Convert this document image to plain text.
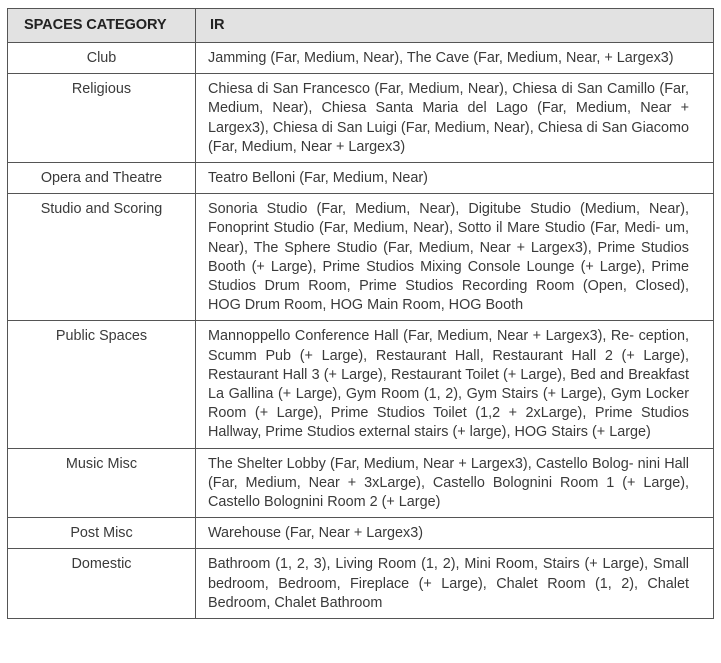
SPACES CATEGORY	IR
Club	Jamming (Far, Medium, Near), The Cave (Far, Medium, Near, + Largex3)
Religious	Chiesa di San Francesco (Far, Medium, Near), Chiesa di San Camillo (Far, Medium, Near), Chiesa Santa Maria del Lago (Far, Medium, Near + Largex3), Chiesa di San Luigi (Far, Medium, Near), Chiesa di San Giacomo (Far, Medium, Near + Largex3)
Opera and Theatre	Teatro Belloni (Far, Medium, Near)
Studio and Scoring	Sonoria Studio (Far, Medium, Near), Digitube Studio (Medium, Near), Fonoprint Studio (Far, Medium, Near), Sotto il Mare Studio (Far, Medi- um, Near), The Sphere Studio (Far, Medium, Near + Largex3), Prime Studios Booth (+ Large), Prime Studios Mixing Console Lounge (+ Large), Prime Studios Drum Room, Prime Studios Recording Room (Open, Closed), HOG Drum Room, HOG Main Room, HOG Booth
Public Spaces	Mannoppello Conference Hall (Far, Medium, Near + Largex3), Re- ception, Scumm Pub (+ Large), Restaurant Hall, Restaurant Hall 2 (+ Large), Restaurant Hall 3 (+ Large), Restaurant Toilet (+ Large), Bed and Breakfast La Gallina (+ Large), Gym Room (1, 2), Gym Stairs (+ Large), Gym Locker Room (+ Large), Prime Studios Toilet (1,2 + 2xLarge), Prime Studios Hallway, Prime Studios external stairs (+ large), HOG Stairs (+ Large)
Music Misc	The Shelter Lobby (Far, Medium, Near + Largex3), Castello Bolog- nini Hall (Far, Medium, Near + 3xLarge), Castello Bolognini Room 1 (+ Large), Castello Bolognini Room 2 (+ Large)
Post Misc	Warehouse (Far, Near + Largex3)
Domestic	Bathroom (1, 2, 3), Living Room (1, 2), Mini Room, Stairs (+ Large), Small bedroom, Bedroom, Fireplace (+ Large), Chalet Room (1, 2), Chalet Bedroom, Chalet Bathroom
